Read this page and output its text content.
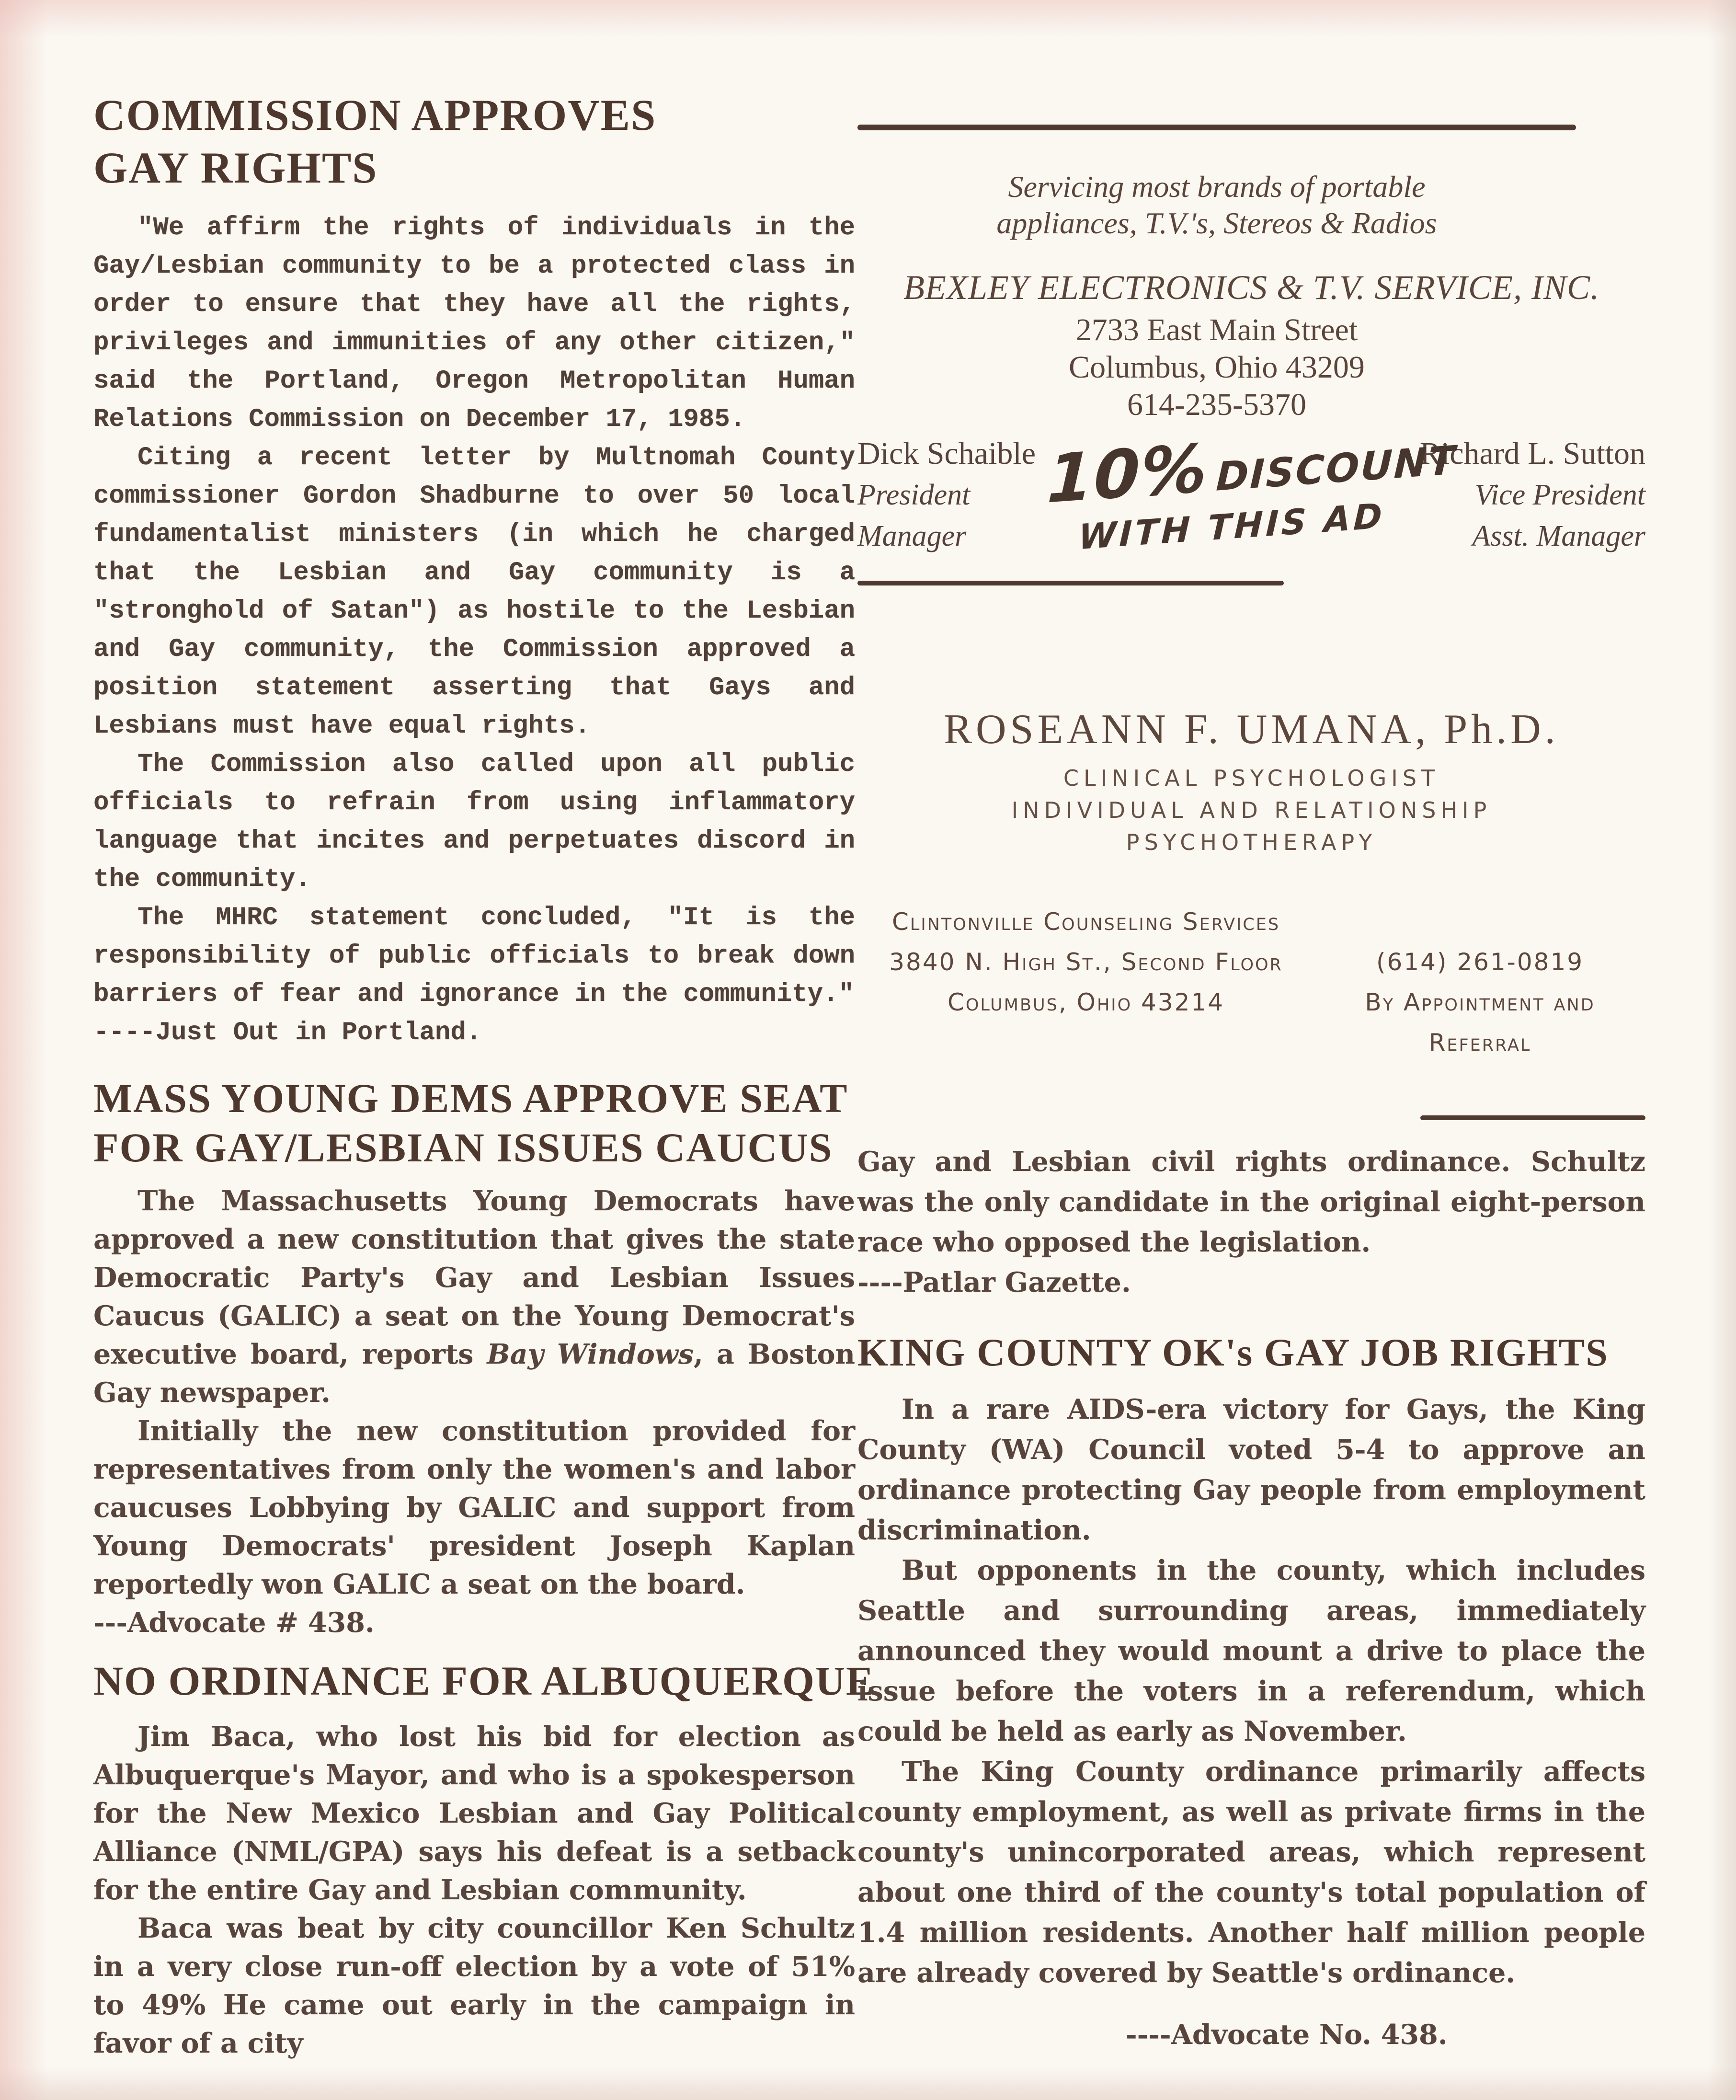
COMMISSION APPROVES
GAY RIGHTS

"We affirm the rights of individuals in the Gay/Lesbian community to be a protected class in order to ensure that they have all the rights, privileges and immunities of any other citizen," said the Portland, Oregon Metropolitan Human Relations Commission on December 17, 1985.

Citing a recent letter by Multnomah County commissioner Gordon Shadburne to over 50 local fundamentalist ministers (in which he charged that the Lesbian and Gay community is a "stronghold of Satan") as hostile to the Lesbian and Gay community, the Commission approved a position statement asserting that Gays and Lesbians must have equal rights.

The Commission also called upon all public officials to refrain from using inflammatory language that incites and perpetuates discord in the community.

The MHRC statement concluded, "It is the responsibility of public officials to break down barriers of fear and ignorance in the community."

----Just Out in Portland.

MASS YOUNG DEMS APPROVE SEAT
FOR GAY/LESBIAN ISSUES CAUCUS

The Massachusetts Young Democrats have approved a new constitution that gives the state Democratic Party's Gay and Lesbian Issues Caucus (GALIC) a seat on the Young Democrat's executive board, reports Bay Windows, a Boston Gay newspaper.

Initially the new constitution provided for representatives from only the women's and labor caucuses Lobbying by GALIC and support from Young Democrats' president Joseph Kaplan reportedly won GALIC a seat on the board.

---Advocate # 438.

NO ORDINANCE FOR ALBUQUERQUE

Jim Baca, who lost his bid for election as Albuquerque's Mayor, and who is a spokesperson for the New Mexico Lesbian and Gay Political Alliance (NML/GPA) says his defeat is a setback for the entire Gay and Lesbian community.

Baca was beat by city councillor Ken Schultz in a very close run-off election by a vote of 51% to 49% He came out early in the campaign in favor of a city

Servicing most brands of portable
appliances, T.V.'s, Stereos & Radios
BEXLEY ELECTRONICS & T.V. SERVICE, INC.
2733 East Main Street
Columbus, Ohio 43209
614-235-5370
Dick Schaible
President
Manager
10% DISCOUNT
WITH THIS AD
Richard L. Sutton
Vice President
Asst. Manager
ROSEANN F. UMANA, Ph.D.
CLINICAL PSYCHOLOGIST
INDIVIDUAL AND RELATIONSHIP
PSYCHOTHERAPY
Clintonville Counseling Services
3840 N. High St., Second Floor
Columbus, Ohio 43214
(614) 261-0819
By Appointment and Referral

Gay and Lesbian civil rights ordinance. Schultz was the only candidate in the original eight-person race who opposed the legislation.

----Patlar Gazette.

KING COUNTY OK's GAY JOB RIGHTS

In a rare AIDS-era victory for Gays, the King County (WA) Council voted 5-4 to approve an ordinance protecting Gay people from employment discrimination.

But opponents in the county, which includes Seattle and surrounding areas, immediately announced they would mount a drive to place the issue before the voters in a referendum, which could be held as early as November.

The King County ordinance primarily affects county employment, as well as private firms in the county's unincorporated areas, which represent about one third of the county's total population of 1.4 million residents. Another half million people are already covered by Seattle's ordinance.

----Advocate No. 438.
